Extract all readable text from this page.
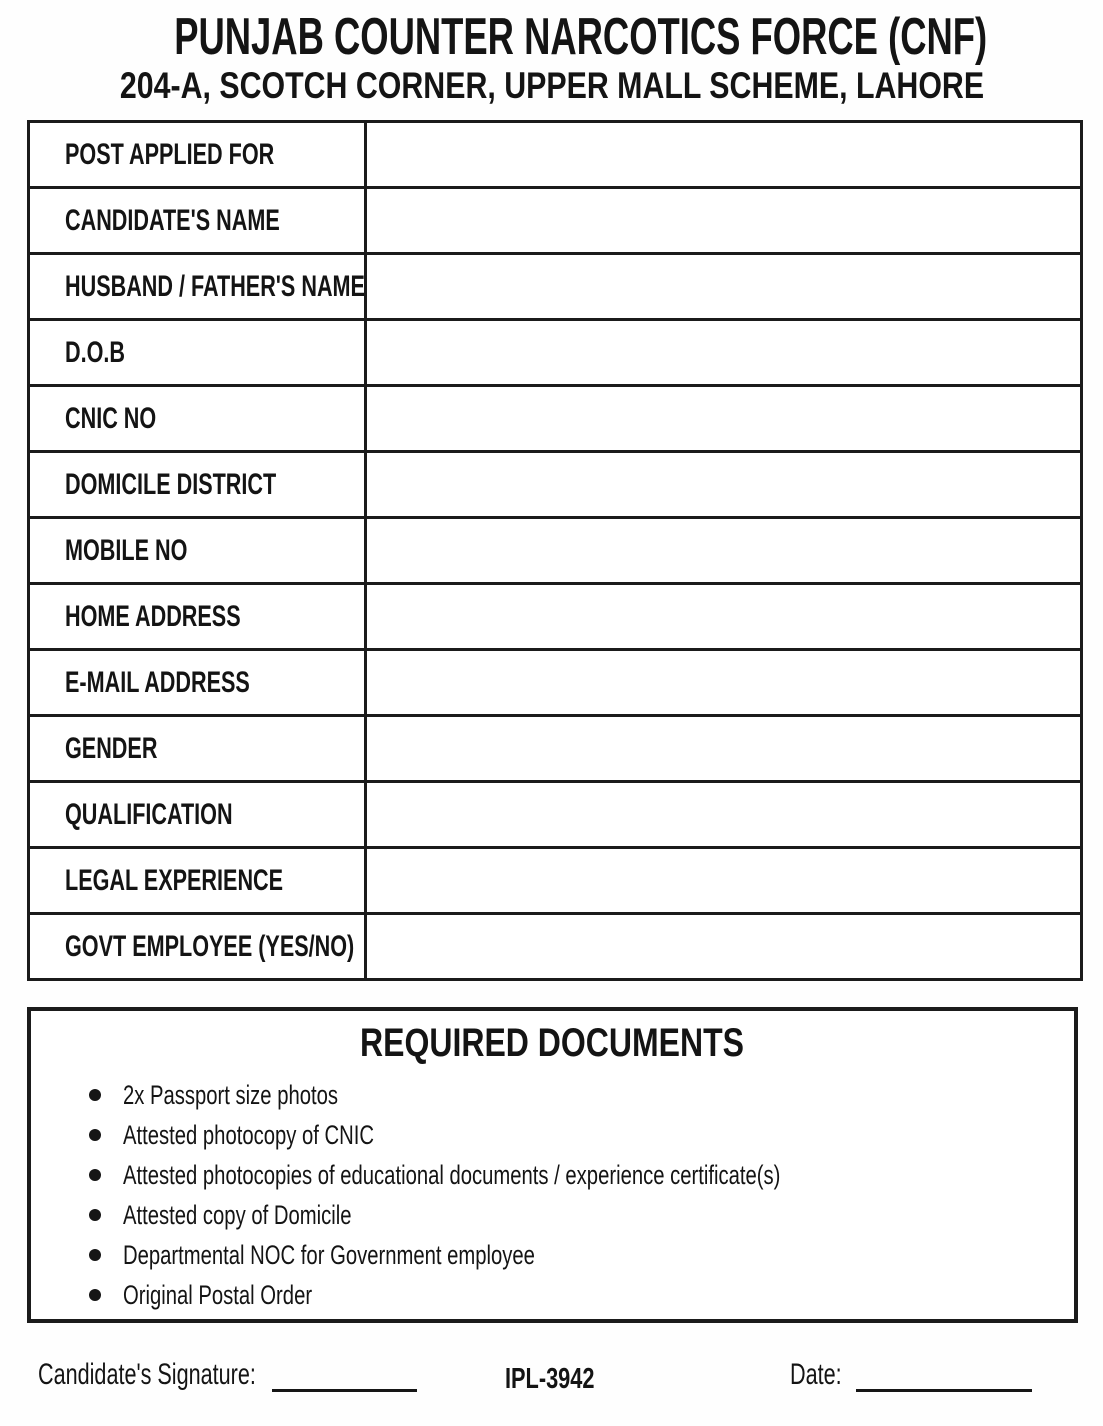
PUNJAB COUNTER NARCOTICS FORCE (CNF)
204-A, SCOTCH CORNER, UPPER MALL SCHEME, LAHORE
POST APPLIED FOR
CANDIDATE'S NAME
HUSBAND / FATHER'S NAME
D.O.B
CNIC NO
DOMICILE DISTRICT
MOBILE NO
HOME ADDRESS
E-MAIL ADDRESS
GENDER
QUALIFICATION
LEGAL EXPERIENCE
GOVT EMPLOYEE (YES/NO)
REQUIRED DOCUMENTS
2x Passport size photos
Attested photocopy of CNIC
Attested photocopies of educational documents / experience certificate(s)
Attested copy of Domicile
Departmental NOC for Government employee
Original Postal Order
Candidate's Signature:	IPL-3942	Date:
